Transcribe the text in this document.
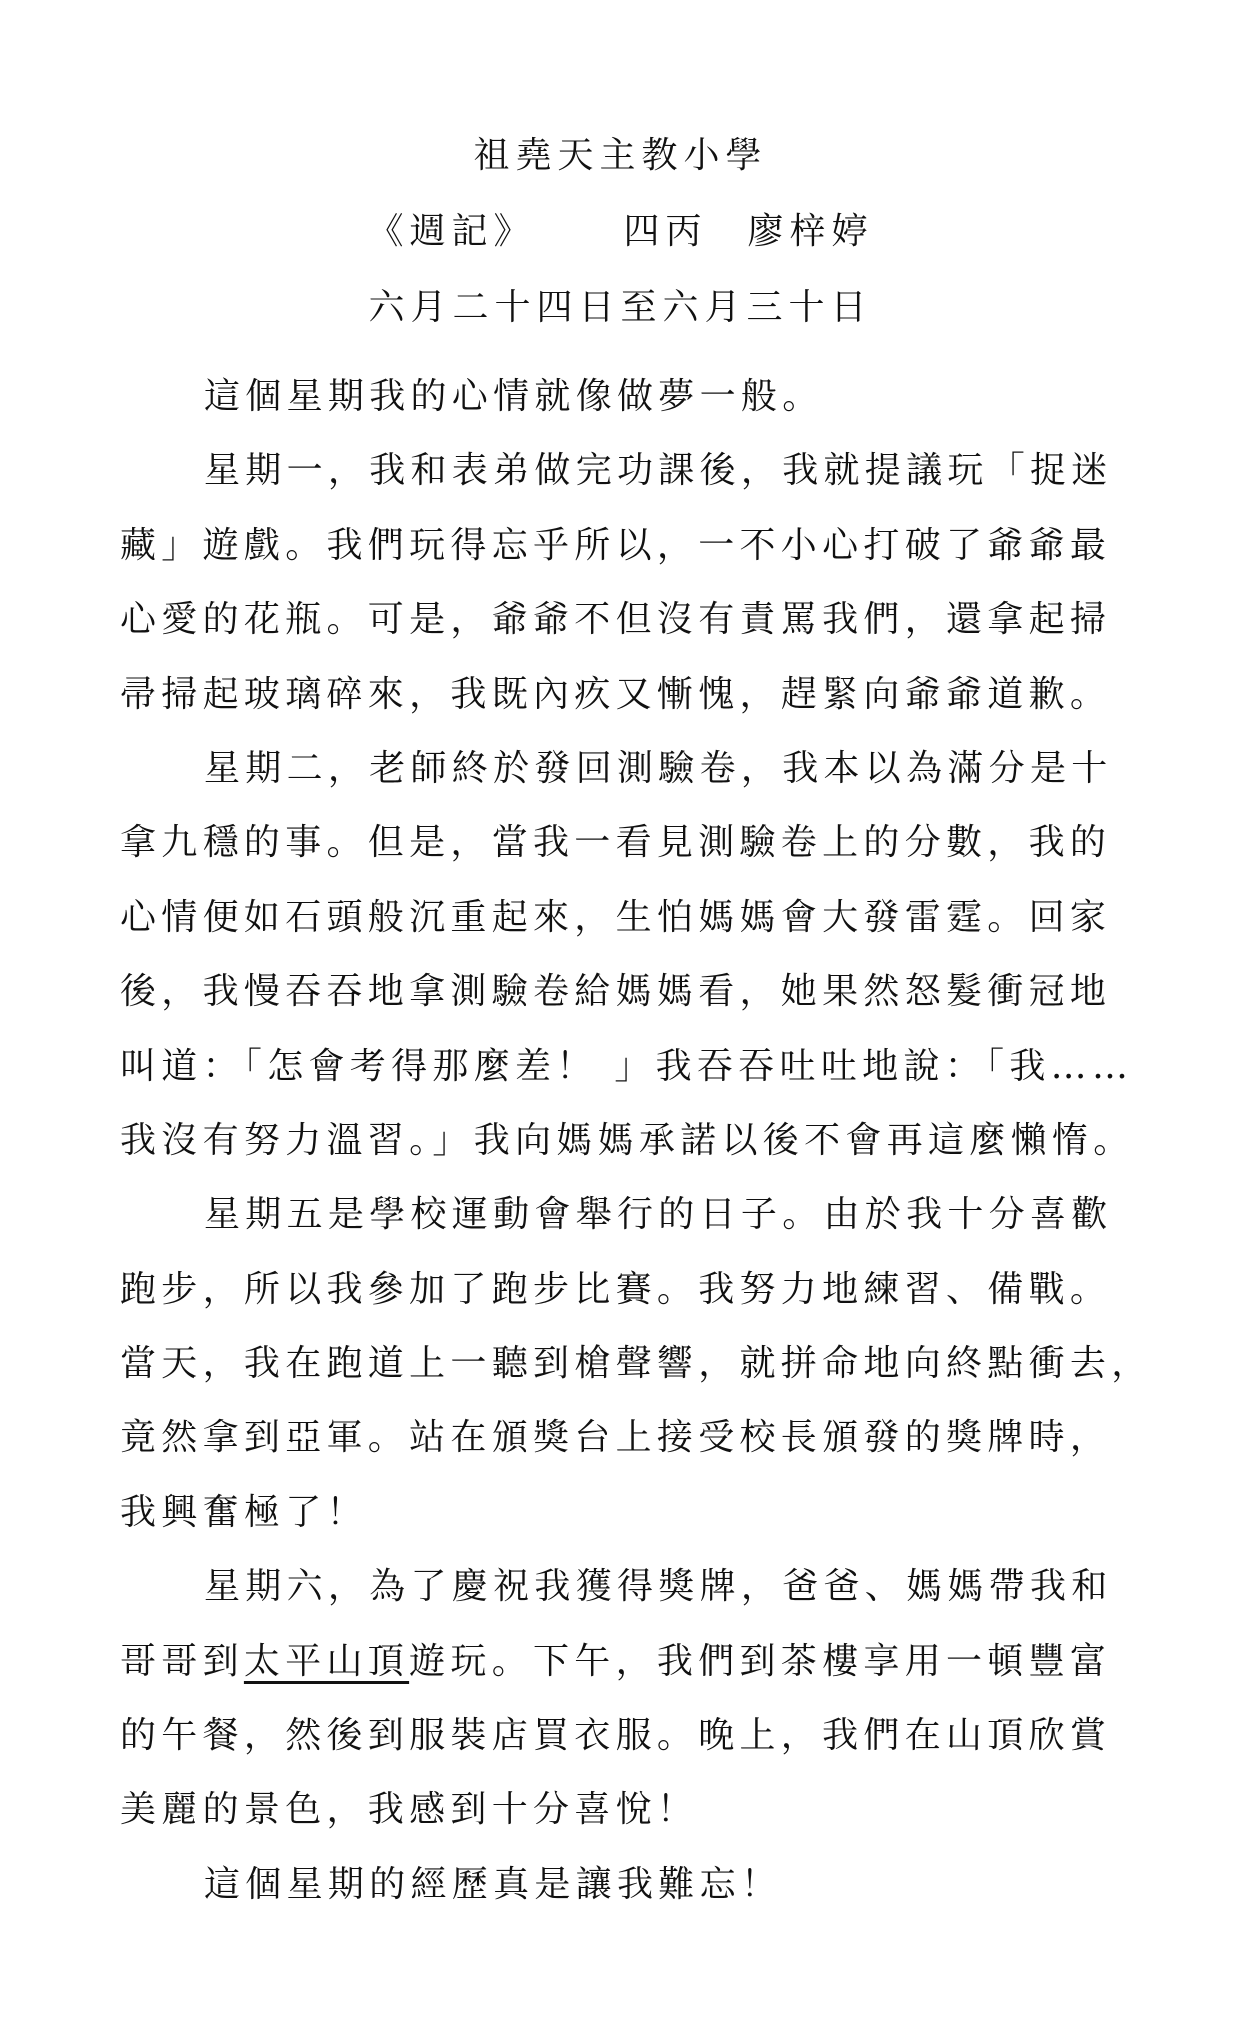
祖堯天主教小學
《週記》 四丙 廖梓婷
六月二十四日至六月三十日
這個星期我的心情就像做夢一般。
星期一，我和表弟做完功課後，我就提議玩「捉迷
藏」遊戲。我們玩得忘乎所以，一不小心打破了爺爺最
心愛的花瓶。可是，爺爺不但沒有責罵我們，還拿起掃
帚掃起玻璃碎來，我既內疚又慚愧，趕緊向爺爺道歉。
星期二，老師終於發回測驗卷，我本以為滿分是十
拿九穩的事。但是，當我一看見測驗卷上的分數，我的
心情便如石頭般沉重起來，生怕媽媽會大發雷霆。回家
後，我慢吞吞地拿測驗卷給媽媽看，她果然怒髮衝冠地
叫道：「怎會考得那麼差！ 」我吞吞吐吐地說：「我……
我沒有努力溫習。」我向媽媽承諾以後不會再這麼懶惰。
星期五是學校運動會舉行的日子。由於我十分喜歡
跑步，所以我參加了跑步比賽。我努力地練習、備戰。
當天，我在跑道上一聽到槍聲響，就拼命地向終點衝去，
竟然拿到亞軍。站在頒獎台上接受校長頒發的獎牌時，
我興奮極了！
星期六，為了慶祝我獲得獎牌，爸爸、媽媽帶我和
哥哥到太平山頂遊玩。下午，我們到茶樓享用一頓豐富
的午餐，然後到服裝店買衣服。晚上，我們在山頂欣賞
美麗的景色，我感到十分喜悅！
這個星期的經歷真是讓我難忘！
